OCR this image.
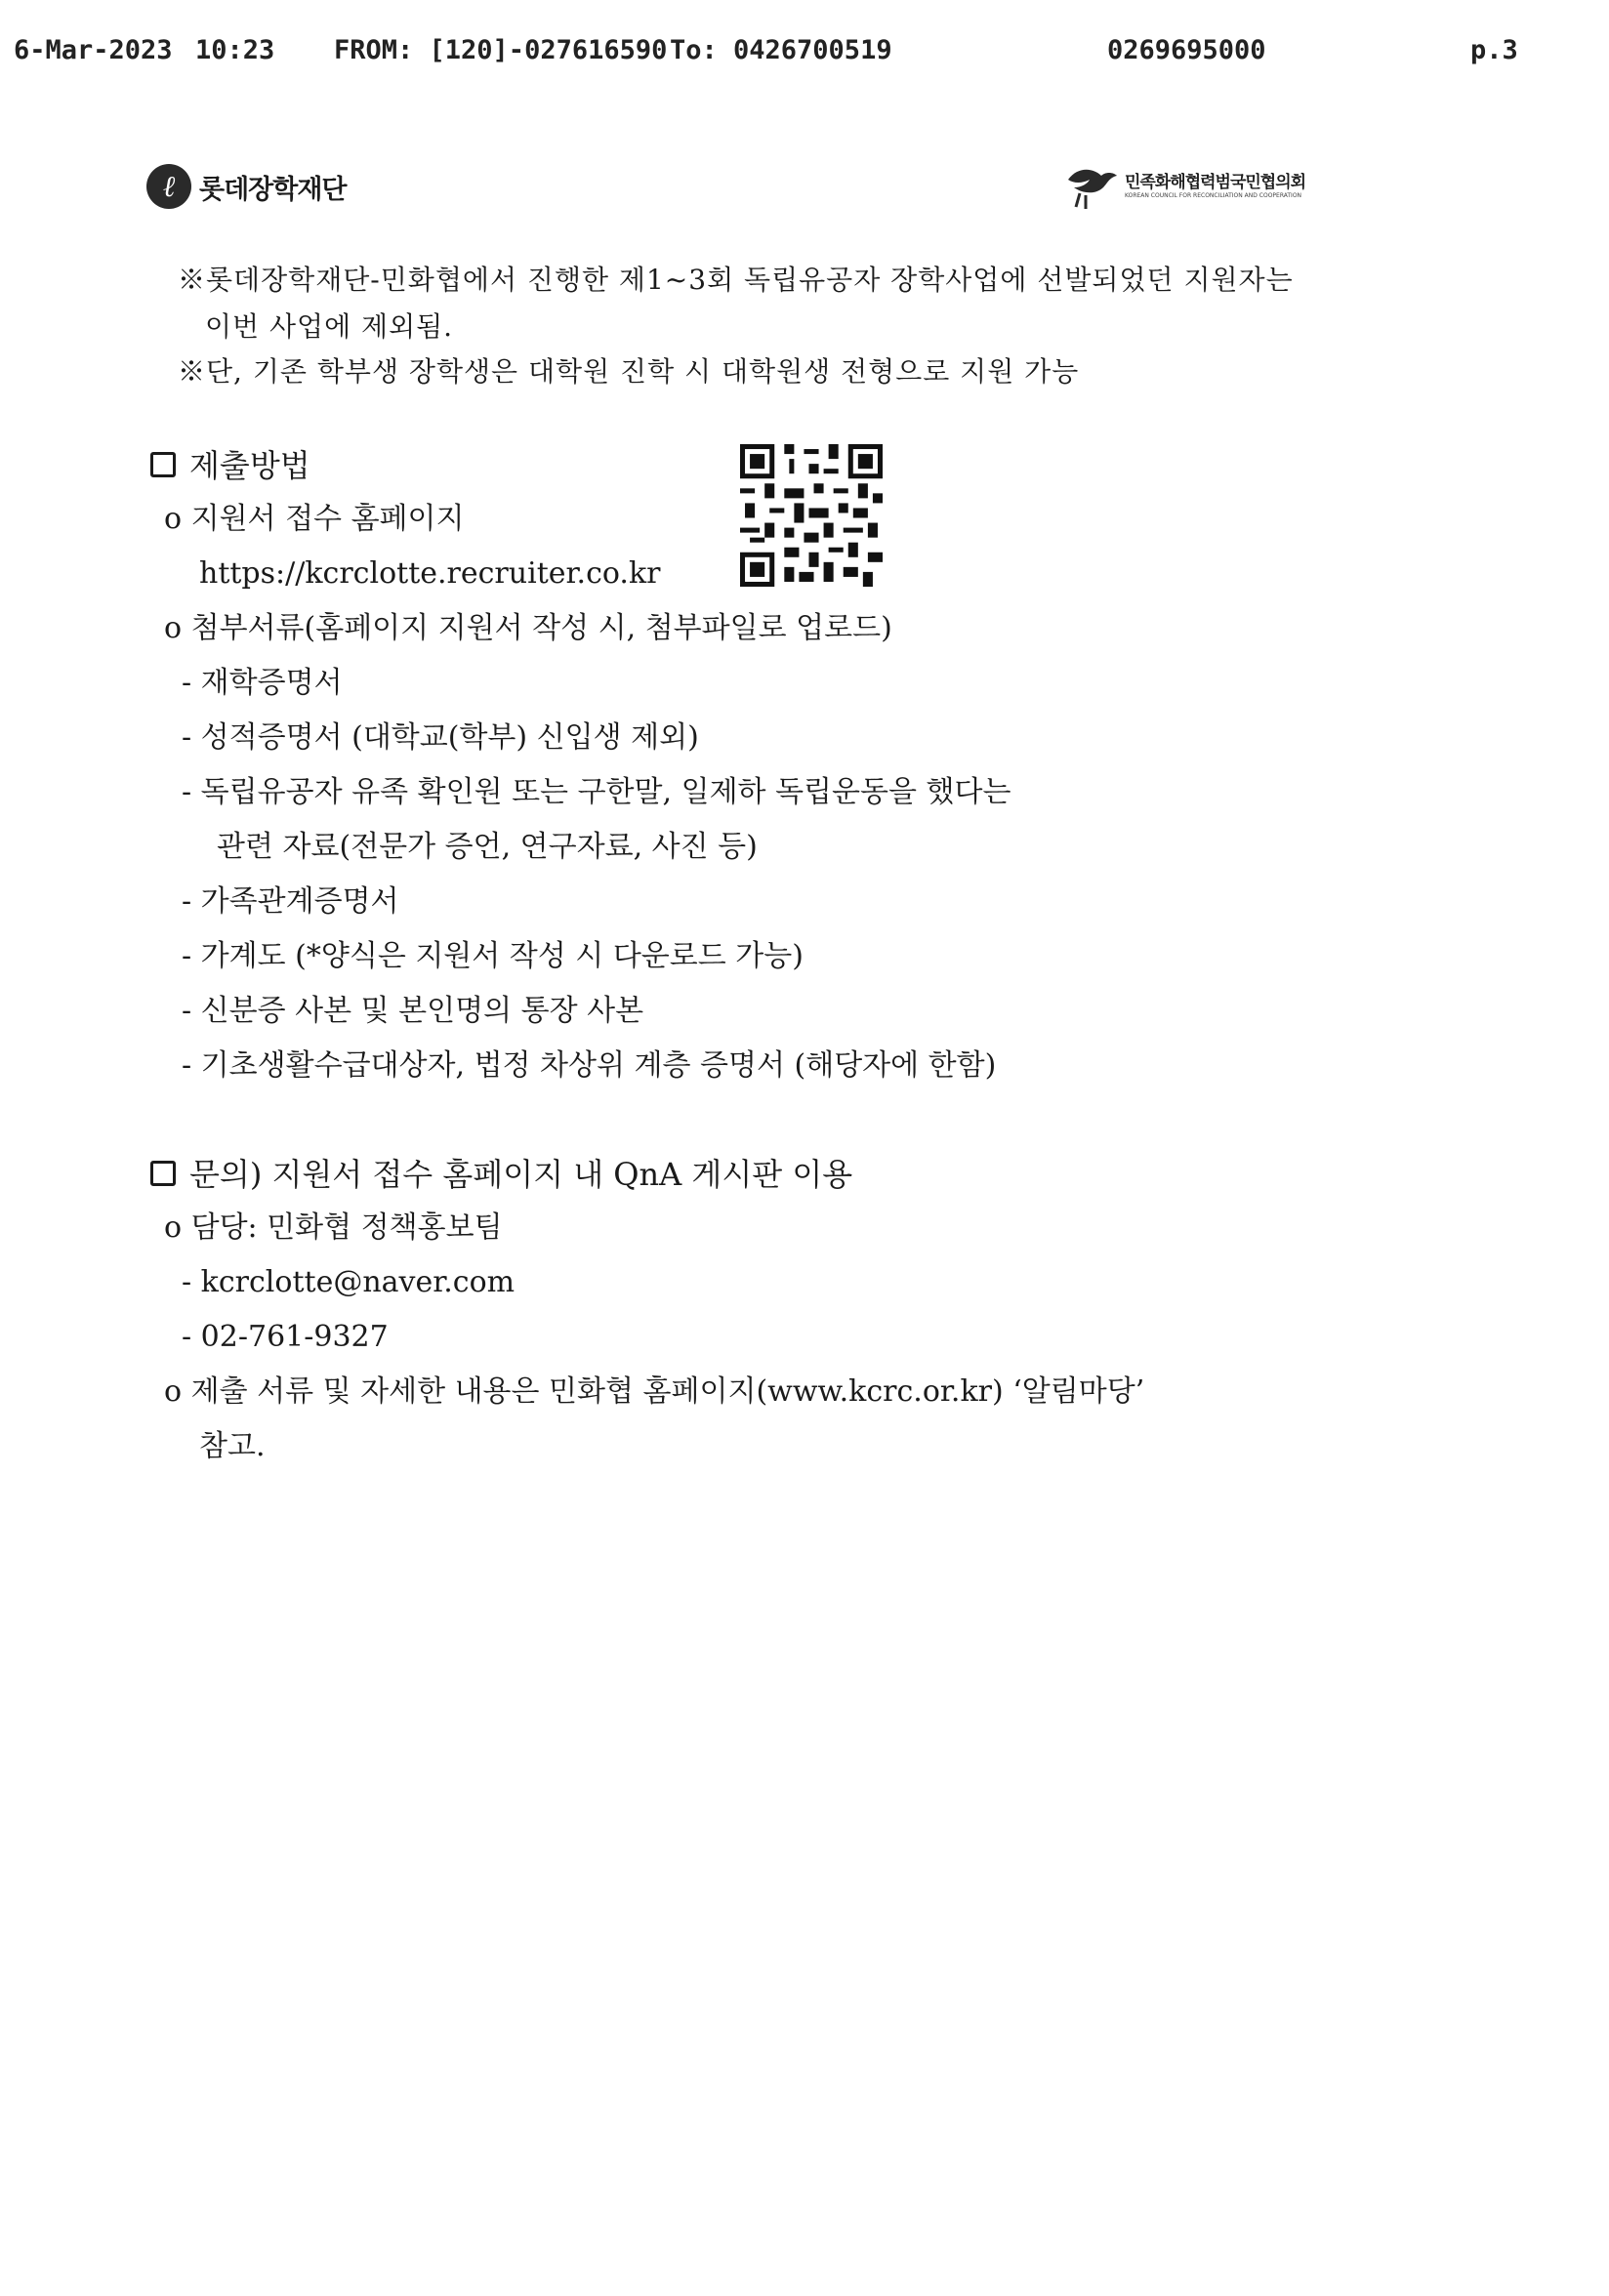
6-Mar-2023

10:23

FROM: [120]-027616590

To: 0426700519

	0269695000

	p.3

ℓ 롯데장학재단	민족화해협력범국민협의회
KOREAN COUNCIL FOR RECONCILIATION AND COOPERATION
※롯데장학재단-민화협에서 진행한 제1~3회 독립유공자 장학사업에 선발되었던 지원자는
이번 사업에 제외됨.
※단, 기존 학부생 장학생은 대학원 진학 시 대학원생 전형으로 지원 가능
제출방법
o 지원서 접수 홈페이지
https://kcrclotte.recruiter.co.kr
o 첨부서류(홈페이지 지원서 작성 시, 첨부파일로 업로드)
- 재학증명서
- 성적증명서 (대학교(학부) 신입생 제외)
- 독립유공자 유족 확인원 또는 구한말, 일제하 독립운동을 했다는
관련 자료(전문가 증언, 연구자료, 사진 등)
- 가족관계증명서
- 가계도 (*양식은 지원서 작성 시 다운로드 가능)
- 신분증 사본 및 본인명의 통장 사본
- 기초생활수급대상자, 법정 차상위 계층 증명서 (해당자에 한함)
문의) 지원서 접수 홈페이지 내 QnA 게시판 이용
o 담당: 민화협 정책홍보팀
- kcrclotte@naver.com
- 02-761-9327
o 제출 서류 및 자세한 내용은 민화협 홈페이지(www.kcrc.or.kr) ‘알림마당’
참고.
